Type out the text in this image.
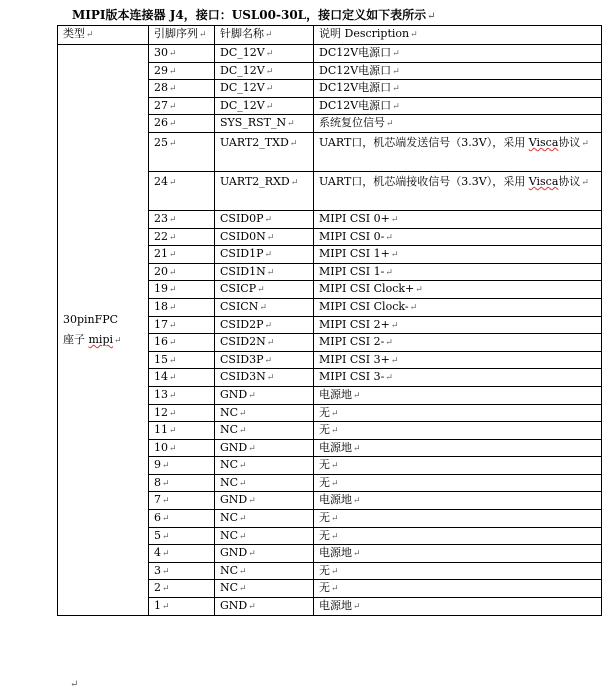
MIPI版本连接器 J4，接口：USL00-30L，接口定义如下表所示↵
类型↵	引脚序列↵	针脚名称↵	说明 Description↵
30pinFPC
座子 mipi↵	30↵	DC_12V↵	DC12V电源口↵
	29↵	DC_12V↵	DC12V电源口↵
	28↵	DC_12V↵	DC12V电源口↵
	27↵	DC_12V↵	DC12V电源口↵
	26↵	SYS_RST_N↵	系统复位信号↵
	25↵	UART2_TXD↵	UART口，机芯端发送信号（3.3V），采用 Visca协议↵
	24↵	UART2_RXD↵	UART口，机芯端接收信号（3.3V），采用 Visca协议↵
	23↵	CSID0P↵	MIPI CSI 0+↵
	22↵	CSID0N↵	MIPI CSI 0-↵
	21↵	CSID1P↵	MIPI CSI 1+↵
	20↵	CSID1N↵	MIPI CSI 1-↵
	19↵	CSICP↵	MIPI CSI Clock+↵
	18↵	CSICN↵	MIPI CSI Clock-↵
	17↵	CSID2P↵	MIPI CSI 2+↵
	16↵	CSID2N↵	MIPI CSI 2-↵
	15↵	CSID3P↵	MIPI CSI 3+↵
	14↵	CSID3N↵	MIPI CSI 3-↵
	13↵	GND↵	电源地↵
	12↵	NC↵	无↵
	11↵	NC↵	无↵
	10↵	GND↵	电源地↵
	9↵	NC↵	无↵
	8↵	NC↵	无↵
	7↵	GND↵	电源地↵
	6↵	NC↵	无↵
	5↵	NC↵	无↵
	4↵	GND↵	电源地↵
	3↵	NC↵	无↵
	2↵	NC↵	无↵
	1↵	GND↵	电源地↵
↵
